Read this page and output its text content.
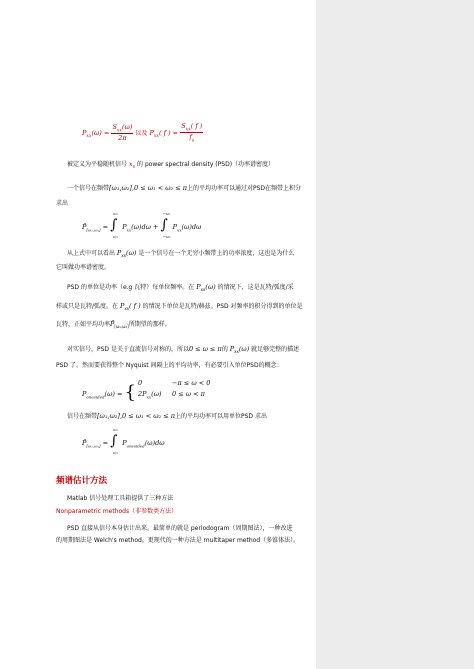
$P_{xx}(\omega) = \frac{S_{xx}(\omega)}{2\pi}$ 以及 $P_{xx}$( f ) = $\frac{S_{xx}( f )}{f_s}$
被定义为平稳随机信号 $x_n$ 的 power spectral density (PSD)（功率谱密度）
一个信号在频带[ω₁,ω₂],0 ≤ ω₁ < ω₂ ≤ π上的平均功率可以通过对PSD在频带上积分
求出
$P̄_{[\omega_1,\omega_2]}$ =
ω₂
∫
ω₁
$P_{xx}(\omega)d\omega$ +
−ω₁
∫
−ω₂
$P_{xx}(\omega)d\omega$
从上式中可以看出 $P_{xx}(\omega)$ 是一个信号在一个无穷小频带上的功率浓度，这也是为什么
它叫做功率谱密度。
PSD 的单位是功率（e.g 瓦特）每单位频率。在 $P_{xx}(\omega)$ 的情况下，这是瓦特/弧度/采
样或只是瓦特/弧度。在 $P_{xx}$( f ) 的情况下单位是瓦特/赫兹。PSD 对频率的积分得到的单位是
瓦特，正如平均功率$P̄_{[\omega_1,\omega_2]}$所期望的那样。
对实信号，PSD 是关于直流信号对称的，所以0 ≤ ω ≤ π的 $P_{xx}(\omega)$ 就足够完整的描述
PSD 了。然而要获得整个 Nyquist 间隔上的平均功率，有必要引入单位PSD的概念：
$P_{onesided}(\omega)$ = { 0	−π ≤ ω < 0
$2P_{xx}(\omega) 0 \le \omega < \pi$
信号在频带[ω₁,ω₂],0 ≤ ω₁ < ω₂ ≤ π上的平均功率可以用单位PSD 求出
$P̄_{[\omega_1,\omega_2]}$ =
ω₂
∫
ω₁
$P_{onesided}(\omega)d\omega$
频谱估计方法
Matlab 信号处理工具箱提供了三种方法
Nonparametric methods（非参数类方法）
PSD 直接从信号本身估计出来。最简单的就是 periodogram（周期图法），一种改进
的周期图法是 Welch's method。更现代的一种方法是 multitaper method（多锥体法）。
